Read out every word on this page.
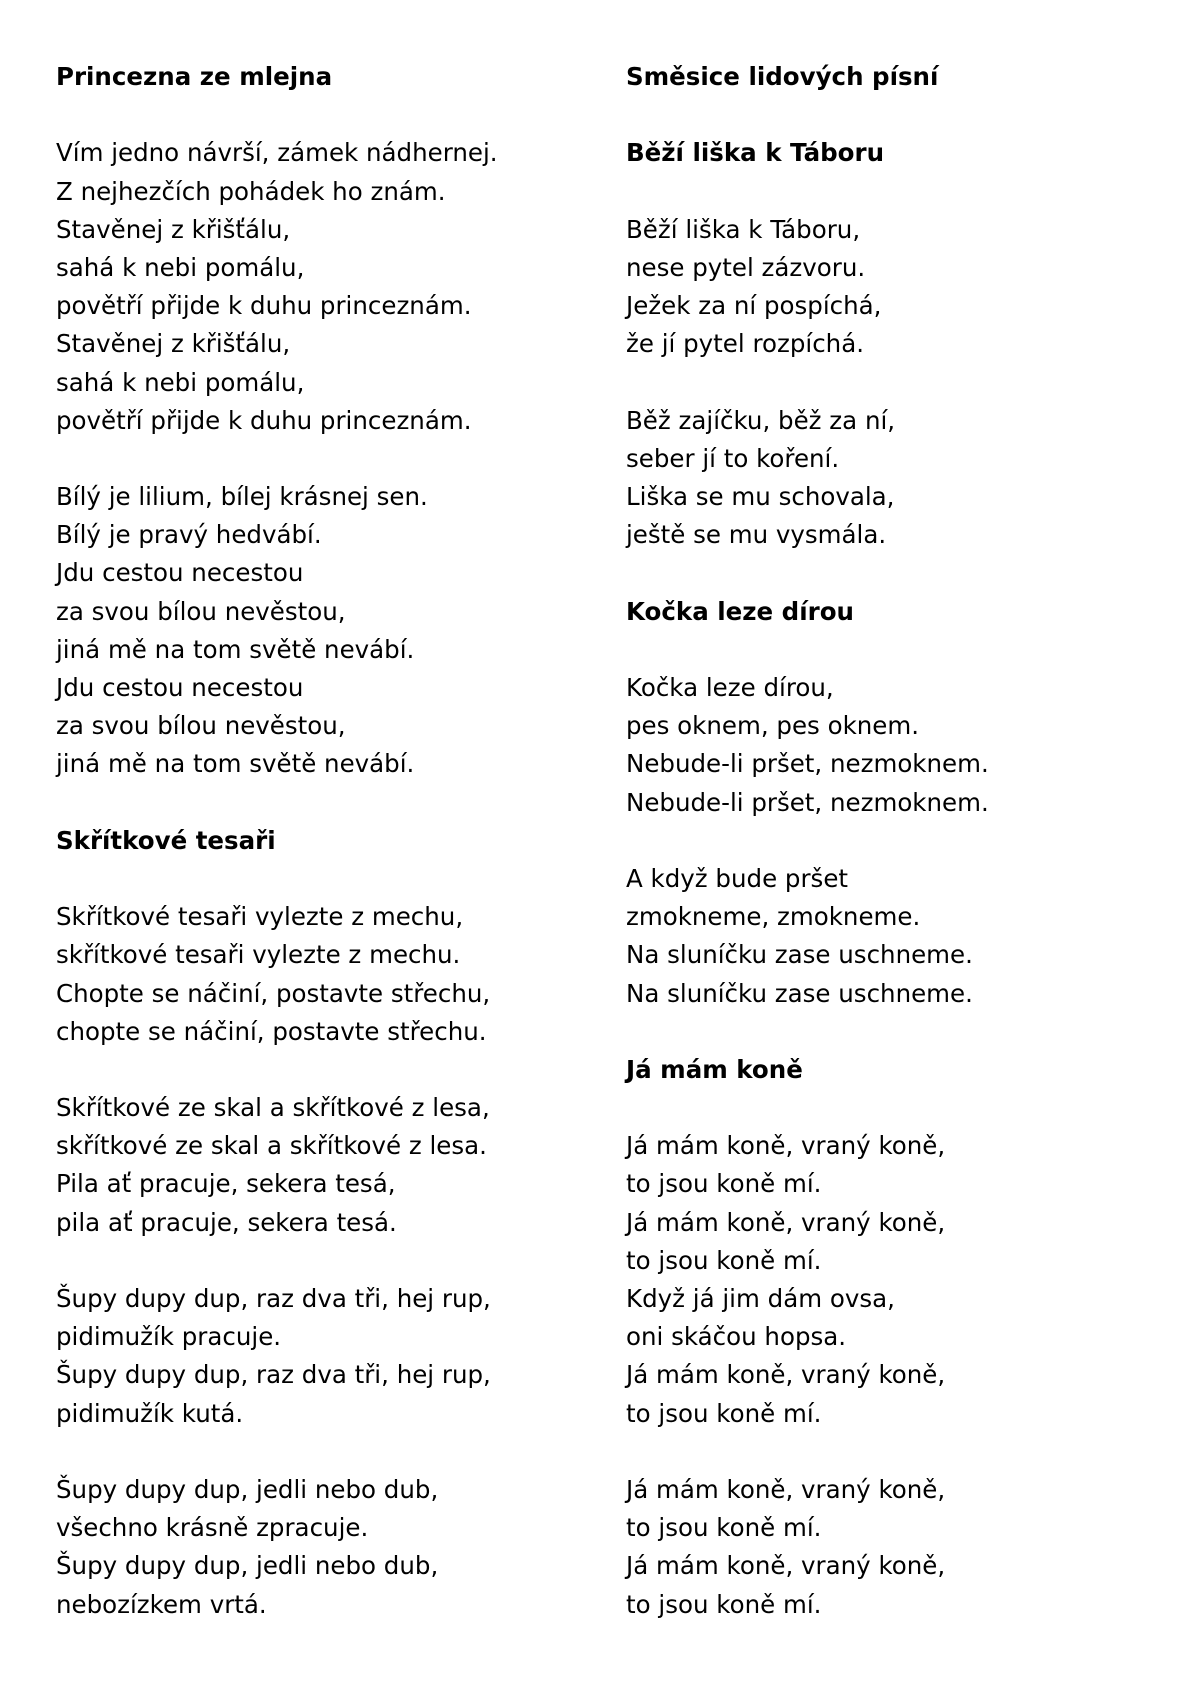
Princezna ze mlejna
Vím jedno návrší, zámek nádhernej.
Z nejhezčích pohádek ho znám.
Stavěnej z křišťálu,
sahá k nebi pomálu,
povětří přijde k duhu princeznám.
Stavěnej z křišťálu,
sahá k nebi pomálu,
povětří přijde k duhu princeznám.
Bílý je lilium, bílej krásnej sen.
Bílý je pravý hedvábí.
Jdu cestou necestou
za svou bílou nevěstou,
jiná mě na tom světě nevábí.
Jdu cestou necestou
za svou bílou nevěstou,
jiná mě na tom světě nevábí.
Skřítkové tesaři
Skřítkové tesaři vylezte z mechu,
skřítkové tesaři vylezte z mechu.
Chopte se náčiní, postavte střechu,
chopte se náčiní, postavte střechu.
Skřítkové ze skal a skřítkové z lesa,
skřítkové ze skal a skřítkové z lesa.
Pila ať pracuje, sekera tesá,
pila ať pracuje, sekera tesá.
Šupy dupy dup, raz dva tři, hej rup,
pidimužík pracuje.
Šupy dupy dup, raz dva tři, hej rup,
pidimužík kutá.
Šupy dupy dup, jedli nebo dub,
všechno krásně zpracuje.
Šupy dupy dup, jedli nebo dub,
nebozízkem vrtá.
Směsice lidových písní
Běží liška k Táboru
Běží liška k Táboru,
nese pytel zázvoru.
Ježek za ní pospíchá,
že jí pytel rozpíchá.
Běž zajíčku, běž za ní,
seber jí to koření.
Liška se mu schovala,
ještě se mu vysmála.
Kočka leze dírou
Kočka leze dírou,
pes oknem, pes oknem.
Nebude-li pršet, nezmoknem.
Nebude-li pršet, nezmoknem.
A když bude pršet
zmokneme, zmokneme.
Na sluníčku zase uschneme.
Na sluníčku zase uschneme.
Já mám koně
Já mám koně, vraný koně,
to jsou koně mí.
Já mám koně, vraný koně,
to jsou koně mí.
Když já jim dám ovsa,
oni skáčou hopsa.
Já mám koně, vraný koně,
to jsou koně mí.
Já mám koně, vraný koně,
to jsou koně mí.
Já mám koně, vraný koně,
to jsou koně mí.
